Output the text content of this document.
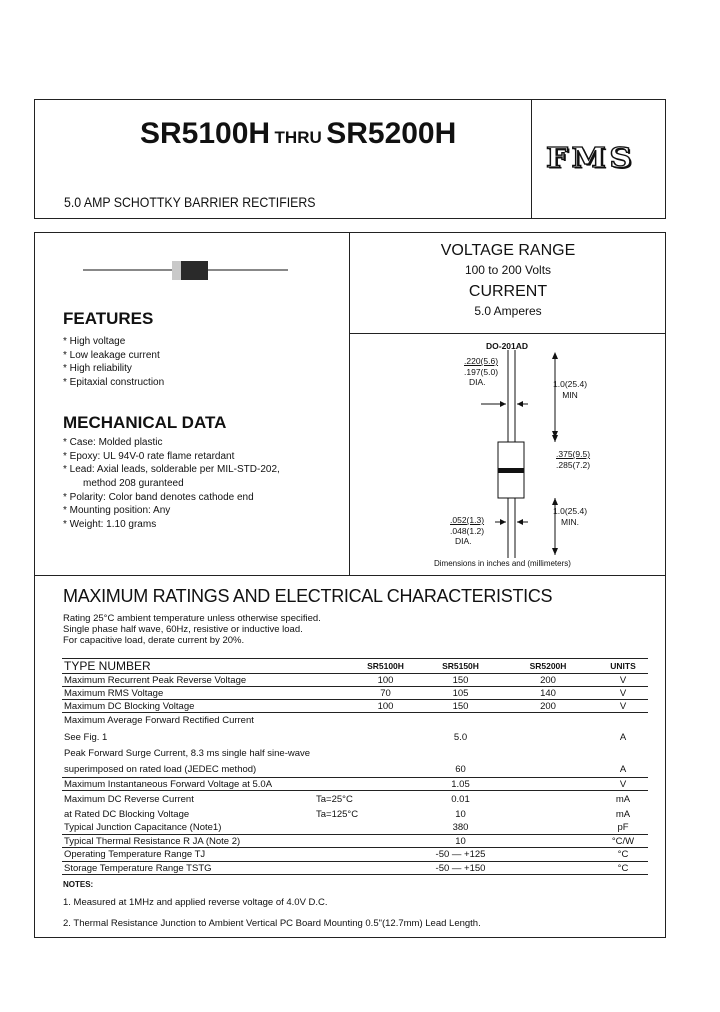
SR5100H THRU SR5200H
5.0 AMP SCHOTTKY BARRIER RECTIFIERS
FMS
FEATURES
* High voltage
* Low leakage current
* High reliability
* Epitaxial construction
MECHANICAL DATA
* Case: Molded plastic
* Epoxy: UL 94V-0 rate flame retardant
* Lead: Axial leads, solderable per MIL-STD-202,
method 208 guranteed
* Polarity: Color band denotes cathode end
* Mounting position: Any
* Weight: 1.10 grams
VOLTAGE RANGE
100 to 200 Volts
CURRENT
5.0 Amperes
DO-201AD
.220(5.6)
.197(5.0)
DIA.	1.0(25.4)
MIN
.375(9.5)
.285(7.2)
1.0(25.4)
MIN.
.052(1.3)
.048(1.2)
DIA.
Dimensions in inches and (millimeters)
MAXIMUM RATINGS AND ELECTRICAL CHARACTERISTICS
Rating 25°C ambient temperature unless otherwise specified.
Single phase half wave, 60Hz, resistive or inductive load.
For capacitive load, derate current by 20%.
TYPE NUMBER	SR5100H	SR5150H	SR5200H	UNITS
Maximum Recurrent Peak Reverse Voltage	100	150	200	V
Maximum RMS Voltage	70	105	140	V
Maximum DC Blocking Voltage	100	150	200	V
Maximum Average Forward Rectified Current				
See Fig. 1		5.0		A
Peak Forward Surge Current, 8.3 ms single half sine-wave				
superimposed on rated load (JEDEC method)		60		A
Maximum Instantaneous Forward Voltage at 5.0A		1.05		V
Maximum DC Reverse Current Ta=25°C		0.01		mA
at Rated DC Blocking Voltage Ta=125°C		10		mA
Typical Junction Capacitance (Note1)		380		pF
Typical Thermal Resistance R JA (Note 2)		10		°C/W
Operating Temperature Range TJ		-50 — +125		°C
Storage Temperature Range TSTG		-50 — +150		°C
NOTES:
1. Measured at 1MHz and applied reverse voltage of 4.0V D.C.
2. Thermal Resistance Junction to Ambient Vertical PC Board Mounting 0.5"(12.7mm) Lead Length.
